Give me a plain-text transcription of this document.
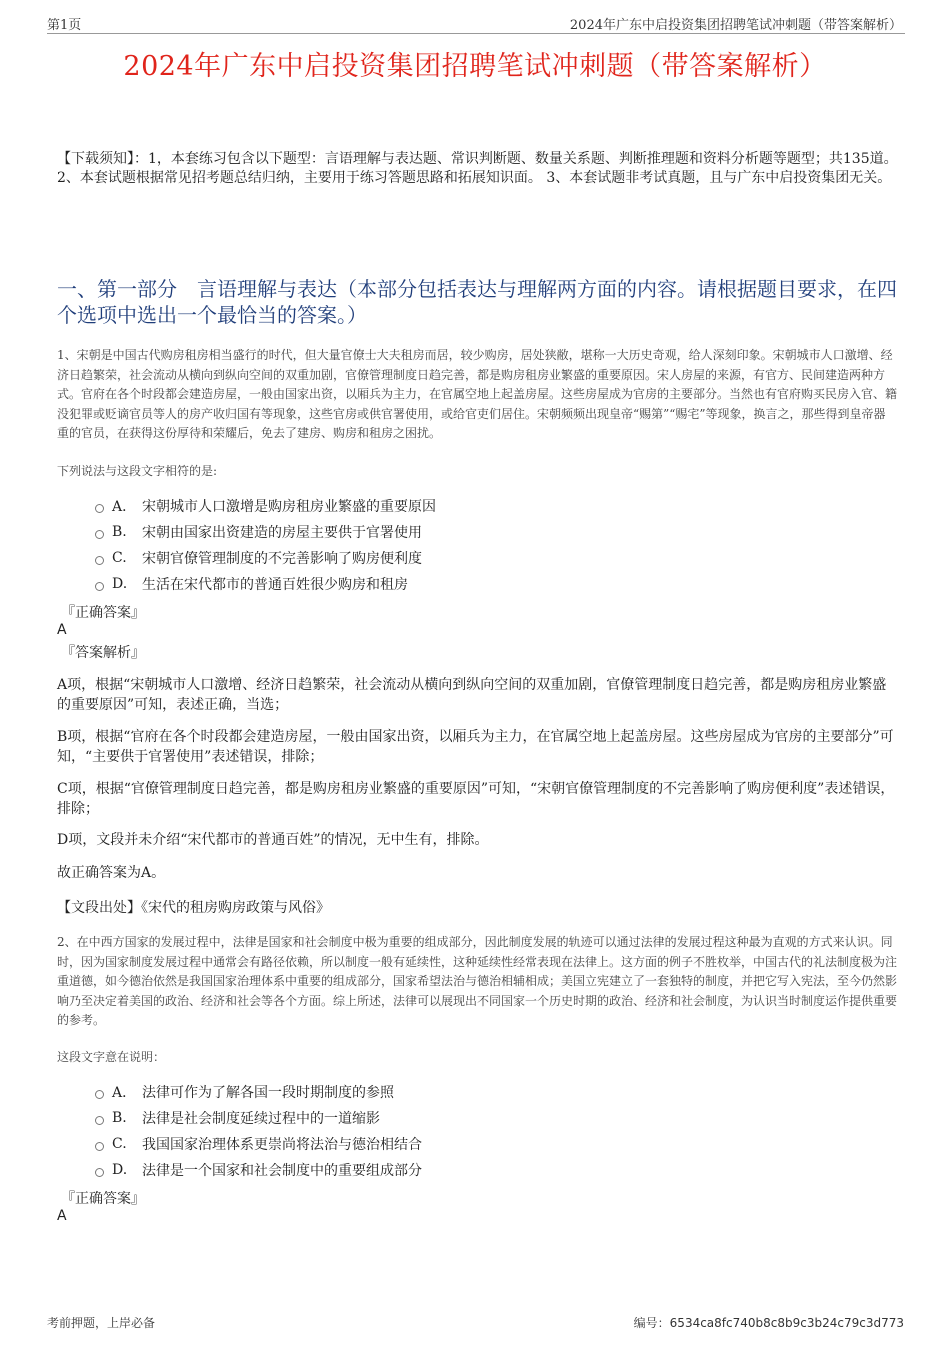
第1页	2024年广东中启投资集团招聘笔试冲刺题（带答案解析）
2024年广东中启投资集团招聘笔试冲刺题（带答案解析）
【下载须知】：1，本套练习包含以下题型：言语理解与表达题、常识判断题、数量关系题、判断推理题和资料分析题等题型；共135道。 2、本套试题根据常见招考题总结归纳，主要用于练习答题思路和拓展知识面。 3、本套试题非考试真题，且与广东中启投资集团无关。
一、第一部分　言语理解与表达（本部分包括表达与理解两方面的内容。请根据题目要求，在四个选项中选出一个最恰当的答案。）
1、宋朝是中国古代购房租房相当盛行的时代，但大量官僚士大夫租房而居，较少购房，居处狭敝，堪称一大历史奇观，给人深刻印象。宋朝城市人口激增、经济日趋繁荣，社会流动从横向到纵向空间的双重加剧，官僚管理制度日趋完善，都是购房租房业繁盛的重要原因。宋人房屋的来源，有官方、民间建造两种方式。官府在各个时段都会建造房屋，一般由国家出资，以厢兵为主力，在官属空地上起盖房屋。这些房屋成为官房的主要部分。当然也有官府购买民房入官、籍没犯罪或贬谪官员等人的房产收归国有等现象，这些官房或供官署使用，或给官吏们居住。宋朝频频出现皇帝“赐第”“赐宅”等现象，换言之，那些得到皇帝器重的官员，在获得这份厚待和荣耀后，免去了建房、购房和租房之困扰。
下列说法与这段文字相符的是:
A． 宋朝城市人口激增是购房租房业繁盛的重要原因
B.	宋朝由国家出资建造的房屋主要供于官署使用
C.	宋朝官僚管理制度的不完善影响了购房便利度
D.	生活在宋代都市的普通百姓很少购房和租房
『正确答案』
A
『答案解析』
A项，根据“宋朝城市人口激增、经济日趋繁荣，社会流动从横向到纵向空间的双重加剧，官僚管理制度日趋完善，都是购房租房业繁盛的重要原因”可知，表述正确，当选；
B项，根据“官府在各个时段都会建造房屋，一般由国家出资，以厢兵为主力，在官属空地上起盖房屋。这些房屋成为官房的主要部分”可知，“主要供于官署使用”表述错误，排除；
C项，根据“官僚管理制度日趋完善，都是购房租房业繁盛的重要原因”可知，“宋朝官僚管理制度的不完善影响了购房便利度”表述错误，排除；
D项，文段并未介绍“宋代都市的普通百姓”的情况，无中生有，排除。
故正确答案为A。
【文段出处】《宋代的租房购房政策与风俗》
2、在中西方国家的发展过程中，法律是国家和社会制度中极为重要的组成部分，因此制度发展的轨迹可以通过法律的发展过程这种最为直观的方式来认识。同时，因为国家制度发展过程中通常会有路径依赖，所以制度一般有延续性，这种延续性经常表现在法律上。这方面的例子不胜枚举，中国古代的礼法制度极为注重道德，如今德治依然是我国国家治理体系中重要的组成部分，国家希望法治与德治相辅相成；美国立宪建立了一套独特的制度，并把它写入宪法，至今仍然影响乃至决定着美国的政治、经济和社会等各个方面。综上所述，法律可以展现出不同国家一个历史时期的政治、经济和社会制度，为认识当时制度运作提供重要的参考。
这段文字意在说明：
A． 法律可作为了解各国一段时期制度的参照
B.	法律是社会制度延续过程中的一道缩影
C.	我国国家治理体系更崇尚将法治与德治相结合
D.	法律是一个国家和社会制度中的重要组成部分
『正确答案』
A
考前押题，上岸必备	编号：6534ca8fc740b8c8b9c3b24c79c3d773
